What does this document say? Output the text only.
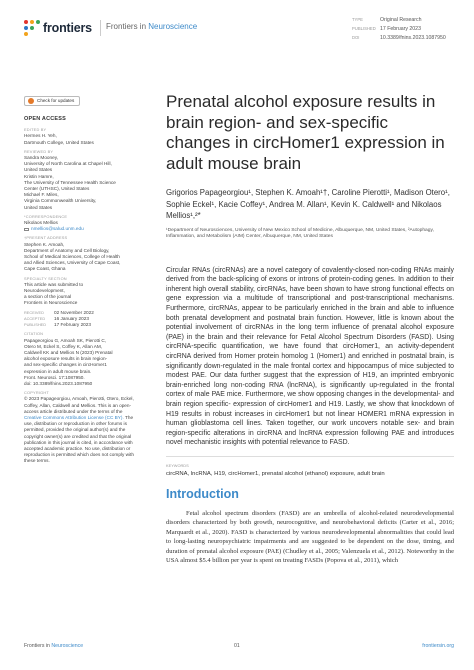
frontiers Frontiers in Neuroscience
TYPE	Original Research
PUBLISHED 17 February 2023
DOI	10.3389/fnins.2023.1087950
Check for updates
OPEN ACCESS
EDITED BY
Hermes H. Yeh,
Dartmouth College, United States
REVIEWED BY
Sandra Mooney,
University of North Carolina at Chapel Hill,
United States
Kristin Hamre,
The University of Tennessee Health Science
Center (UTHSC), United States
Michael F. Miles,
Virginia Commonwealth University,
United States
*CORRESPONDENCE
Nikolaos Mellios
nmellios@salud.unm.edu
†PRESENT ADDRESS
Stephen K. Amoah,
Department of Anatomy and Cell Biology,
School of Medical Sciences, College of Health
and Allied Sciences, University of Cape Coast,
Cape Coast, Ghana
SPECIALTY SECTION
This article was submitted to
Neurodevelopment,
a section of the journal
Frontiers in Neuroscience
RECEIVED	02 November 2022
ACCEPTED	16 January 2023
PUBLISHED	17 February 2023
CITATION
Papageorgiou G, Amoah SK, Pierotti C,
Otero M, Eckel S, Coffey K, Allan AM,
Caldwell KK and Mellios N (2023) Prenatal
alcohol exposure results in brain region-
and sex-specific changes in circHomer1
expression in adult mouse brain.
Front. Neurosci. 17:1087950.
doi: 10.3389/fnins.2023.1087950
COPYRIGHT
© 2023 Papageorgiou, Amoah, Pierotti, Otero, Eckel, Coffey, Allan, Caldwell and Mellios. This is an open-access article distributed under the terms of the Creative Commons Attribution License (CC BY). The use, distribution or reproduction in other forums is permitted, provided the original author(s) and the copyright owner(s) are credited and that the original publication in this journal is cited, in accordance with accepted academic practice. No use, distribution or reproduction is permitted which does not comply with these terms.
Prenatal alcohol exposure results in brain region- and sex-specific changes in circHomer1 expression in adult mouse brain
Grigorios Papageorgiou¹, Stephen K. Amoah¹†, Caroline Pierotti¹, Madison Otero¹, Sophie Eckel¹, Kacie Coffey¹, Andrea M. Allan¹, Kevin K. Caldwell¹ and Nikolaos Mellios¹,²*
¹Department of Neurosciences, University of New Mexico School of Medicine, Albuquerque, NM, United States, ²Autophagy, Inflammation, and Metabolism (AIM) Center, Albuquerque, NM, United States

Circular RNAs (circRNAs) are a novel category of covalently-closed non-coding RNAs mainly derived from the back-splicing of exons or introns of protein-coding genes. In addition to their inherent high overall stability, circRNAs, have been shown to have strong functional effects on gene expression via a multitude of transcriptional and post-transcriptional mechanisms. Furthermore, circRNAs, appear to be particularly enriched in the brain and able to influence both prenatal development and postnatal brain function. However, little is known about the potential involvement of circRNAs in the long term influence of prenatal alcohol exposure (PAE) in the brain and their relevance for Fetal Alcohol Spectrum Disorders (FASD). Using circRNA-specific quantification, we have found that circHomer1, an activity-dependent circRNA derived from Homer protein homolog 1 (Homer1) and enriched in postnatal brain, is significantly down-regulated in the male frontal cortex and hippocampus of mice subjected to modest PAE. Our data further suggest that the expression of H19, an imprinted embryonic brain-enriched long non-coding RNA (lncRNA), is significantly up-regulated in the frontal cortex of male PAE mice. Furthermore, we show opposing changes in the developmental- and brain region specific- expression of circHomer1 and H19. Lastly, we show that knockdown of H19 results in robust increases in circHomer1 but not linear HOMER1 mRNA expression in human glioblastoma cell lines. Taken together, our work uncovers notable sex- and brain region-specific alterations in circRNA and lncRNA expression following PAE and introduces novel mechanistic insights with potential relevance to FASD.

KEYWORDS
circRNA, lncRNA, H19, circHomer1, prenatal alcohol (ethanol) exposure, adult brain
Introduction

Fetal alcohol spectrum disorders (FASD) are an umbrella of alcohol-related neurodevelopmental disorders characterized by both growth, neurocognitive, and neurobehavioral deficits (Carter et al., 2016; Marquardt et al., 2020). FASD is characterized by various neurodevelopmental abnormalities that could lead to long-lasting neuropsychiatric impairments and are suggested to be dependent on the dose, timing, and duration of prenatal alcohol exposure (PAE) (Chudley et al., 2005; Valenzuela et al., 2012). Noteworthy in the USA almost $5.4 billion per year is spent on treating FASDs (Popova et al., 2011), which

Frontiers in Neuroscience	01	frontiersin.org
